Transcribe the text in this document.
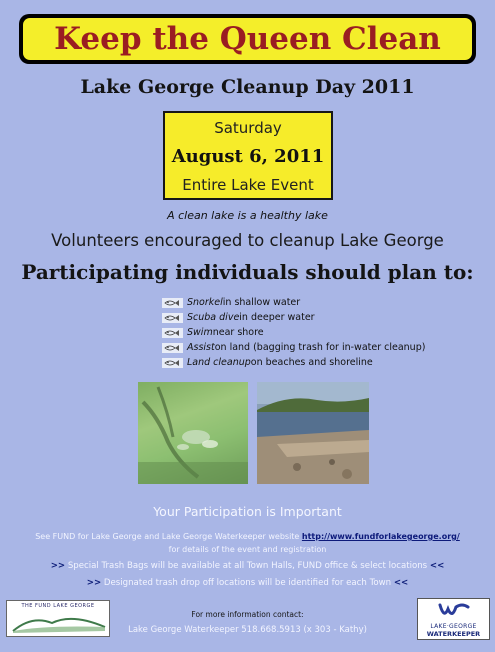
Keep the Queen Clean
Lake George Cleanup Day 2011
Saturday
August 6, 2011
Entire Lake Event
A clean lake is a healthy lake
Volunteers encouraged to cleanup Lake George
Participating individuals should plan to:
Snorkel in shallow water
Scuba dive in deeper water
Swim near shore
Assist on land (bagging trash for in-water cleanup)
Land cleanup on beaches and shoreline
Your Participation is Important
See FUND for Lake George and Lake George Waterkeeper website http://www.fundforlakegeorge.org/
for details of the event and registration
>> Special Trash Bags will be available at all Town Halls, FUND office & select locations <<
>> Designated trash drop off locations will be identified for each Town <<
THE FUND LAKE GEORGE
For more information contact:
Lake George Waterkeeper 518.668.5913 (x 303 - Kathy)	LAKE·GEORGE
WATERKEEPER
